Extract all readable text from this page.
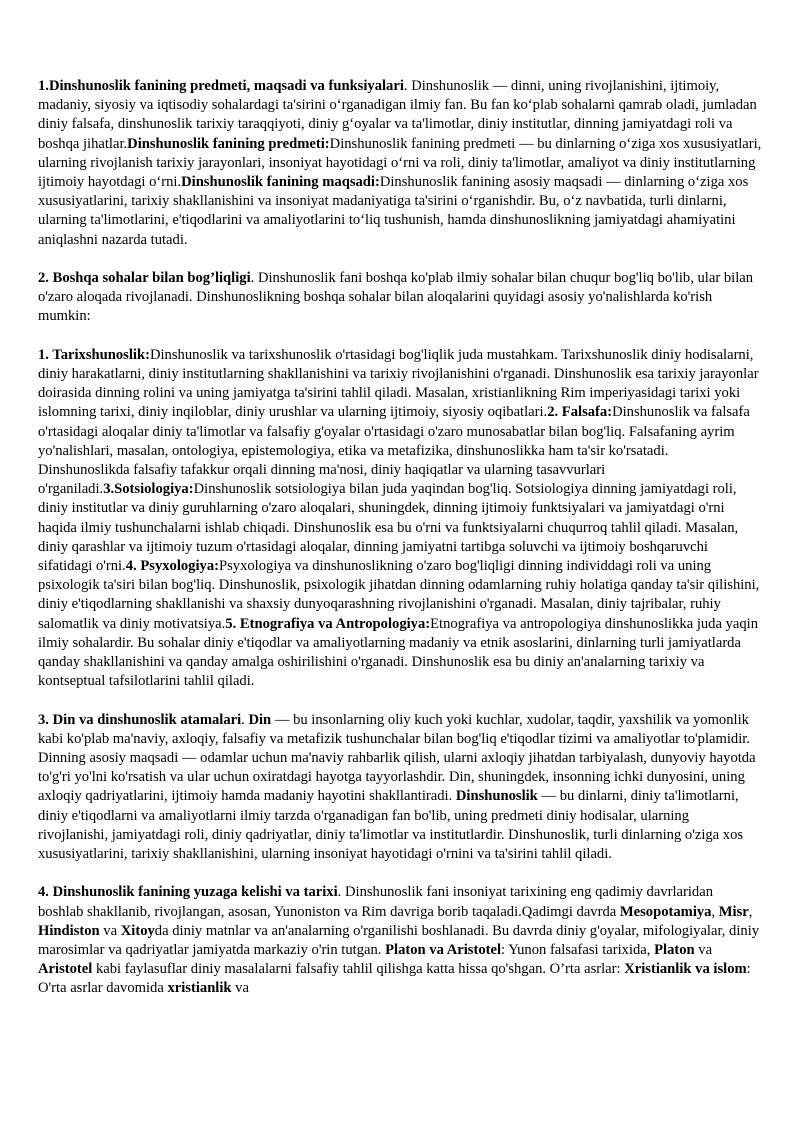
1.Dinshunoslik fanining predmeti, maqsadi va funksiyalari. Dinshunoslik — dinni, uning rivojlanishini, ijtimoiy, madaniy, siyosiy va iqtisodiy sohalardagi ta'sirini oʻrganadigan ilmiy fan. Bu fan koʻplab sohalarni qamrab oladi, jumladan diniy falsafa, dinshunoslik tarixiy taraqqiyoti, diniy gʻoyalar va ta'limotlar, diniy institutlar, dinning jamiyatdagi roli va boshqa jihatlar.Dinshunoslik fanining predmeti:Dinshunoslik fanining predmeti — bu dinlarning oʻziga xos xususiyatlari, ularning rivojlanish tarixiy jarayonlari, insoniyat hayotidagi oʻrni va roli, diniy ta'limotlar, amaliyot va diniy institutlarning ijtimoiy hayotdagi oʻrni.Dinshunoslik fanining maqsadi:Dinshunoslik fanining asosiy maqsadi — dinlarning oʻziga xos xususiyatlarini, tarixiy shakllanishini va insoniyat madaniyatiga ta'sirini oʻrganishdir. Bu, oʻz navbatida, turli dinlarni, ularning ta'limotlarini, e'tiqodlarini va amaliyotlarini toʻliq tushunish, hamda dinshunoslikning jamiyatdagi ahamiyatini aniqlashni nazarda tutadi.
2. Boshqa sohalar bilan bog’liqligi. Dinshunoslik fani boshqa ko'plab ilmiy sohalar bilan chuqur bog'liq bo'lib, ular bilan o'zaro aloqada rivojlanadi. Dinshunoslikning boshqa sohalar bilan aloqalarini quyidagi asosiy yo'nalishlarda ko'rish mumkin:
1. Tarixshunoslik:Dinshunoslik va tarixshunoslik o'rtasidagi bog'liqlik juda mustahkam. Tarixshunoslik diniy hodisalarni, diniy harakatlarni, diniy institutlarning shakllanishini va tarixiy rivojlanishini o'rganadi. Dinshunoslik esa tarixiy jarayonlar doirasida dinning rolini va uning jamiyatga ta'sirini tahlil qiladi. Masalan, xristianlikning Rim imperiyasidagi tarixi yoki islomning tarixi, diniy inqiloblar, diniy urushlar va ularning ijtimoiy, siyosiy oqibatlari.2. Falsafa:Dinshunoslik va falsafa o'rtasidagi aloqalar diniy ta'limotlar va falsafiy g'oyalar o'rtasidagi o'zaro munosabatlar bilan bog'liq. Falsafaning ayrim yo'nalishlari, masalan, ontologiya, epistemologiya, etika va metafizika, dinshunoslikka ham ta'sir ko'rsatadi. Dinshunoslikda falsafiy tafakkur orqali dinning ma'nosi, diniy haqiqatlar va ularning tasavvurlari o'rganiladi.3.Sotsiologiya:Dinshunoslik sotsiologiya bilan juda yaqindan bog'liq. Sotsiologiya dinning jamiyatdagi roli, diniy institutlar va diniy guruhlarning o'zaro aloqalari, shuningdek, dinning ijtimoiy funktsiyalari va jamiyatdagi o'rni haqida ilmiy tushunchalarni ishlab chiqadi. Dinshunoslik esa bu o'rni va funktsiyalarni chuqurroq tahlil qiladi. Masalan, diniy qarashlar va ijtimoiy tuzum o'rtasidagi aloqalar, dinning jamiyatni tartibga soluvchi va ijtimoiy boshqaruvchi sifatidagi o'rni.4. Psyxologiya:Psyxologiya va dinshunoslikning o'zaro bog'liqligi dinning individdagi roli va uning psixologik ta'siri bilan bog'liq. Dinshunoslik, psixologik jihatdan dinning odamlarning ruhiy holatiga qanday ta'sir qilishini, diniy e'tiqodlarning shakllanishi va shaxsiy dunyoqarashning rivojlanishini o'rganadi. Masalan, diniy tajribalar, ruhiy salomatlik va diniy motivatsiya.5. Etnografiya va Antropologiya:Etnografiya va antropologiya dinshunoslikka juda yaqin ilmiy sohalardir. Bu sohalar diniy e'tiqodlar va amaliyotlarning madaniy va etnik asoslarini, dinlarning turli jamiyatlarda qanday shakllanishini va qanday amalga oshirilishini o'rganadi. Dinshunoslik esa bu diniy an'analarning tarixiy va kontseptual tafsilotlarini tahlil qiladi.
3. Din va dinshunoslik atamalari. Din — bu insonlarning oliy kuch yoki kuchlar, xudolar, taqdir, yaxshilik va yomonlik kabi ko'plab ma'naviy, axloqiy, falsafiy va metafizik tushunchalar bilan bog'liq e'tiqodlar tizimi va amaliyotlar to'plamidir. Dinning asosiy maqsadi — odamlar uchun ma'naviy rahbarlik qilish, ularni axloqiy jihatdan tarbiyalash, dunyoviy hayotda to'g'ri yo'lni ko'rsatish va ular uchun oxiratdagi hayotga tayyorlashdir. Din, shuningdek, insonning ichki dunyosini, uning axloqiy qadriyatlarini, ijtimoiy hamda madaniy hayotini shakllantiradi. Dinshunoslik — bu dinlarni, diniy ta'limotlarni, diniy e'tiqodlarni va amaliyotlarni ilmiy tarzda o'rganadigan fan bo'lib, uning predmeti diniy hodisalar, ularning rivojlanishi, jamiyatdagi roli, diniy qadriyatlar, diniy ta'limotlar va institutlardir. Dinshunoslik, turli dinlarning o'ziga xos xususiyatlarini, tarixiy shakllanishini, ularning insoniyat hayotidagi o'rnini va ta'sirini tahlil qiladi.
4. Dinshunoslik fanining yuzaga kelishi va tarixi. Dinshunoslik fani insoniyat tarixining eng qadimiy davrlaridan boshlab shakllanib, rivojlangan, asosan, Yunoniston va Rim davriga borib taqaladi.Qadimgi davrda Mesopotamiya, Misr, Hindiston va Xitoyda diniy matnlar va an'analarning o'rganilishi boshlanadi. Bu davrda diniy g'oyalar, mifologiyalar, diniy marosimlar va qadriyatlar jamiyatda markaziy o'rin tutgan. Platon va Aristotel: Yunon falsafasi tarixida, Platon va Aristotel kabi faylasuflar diniy masalalarni falsafiy tahlil qilishga katta hissa qo'shgan. O’rta asrlar: Xristianlik va islom: O'rta asrlar davomida xristianlik va
